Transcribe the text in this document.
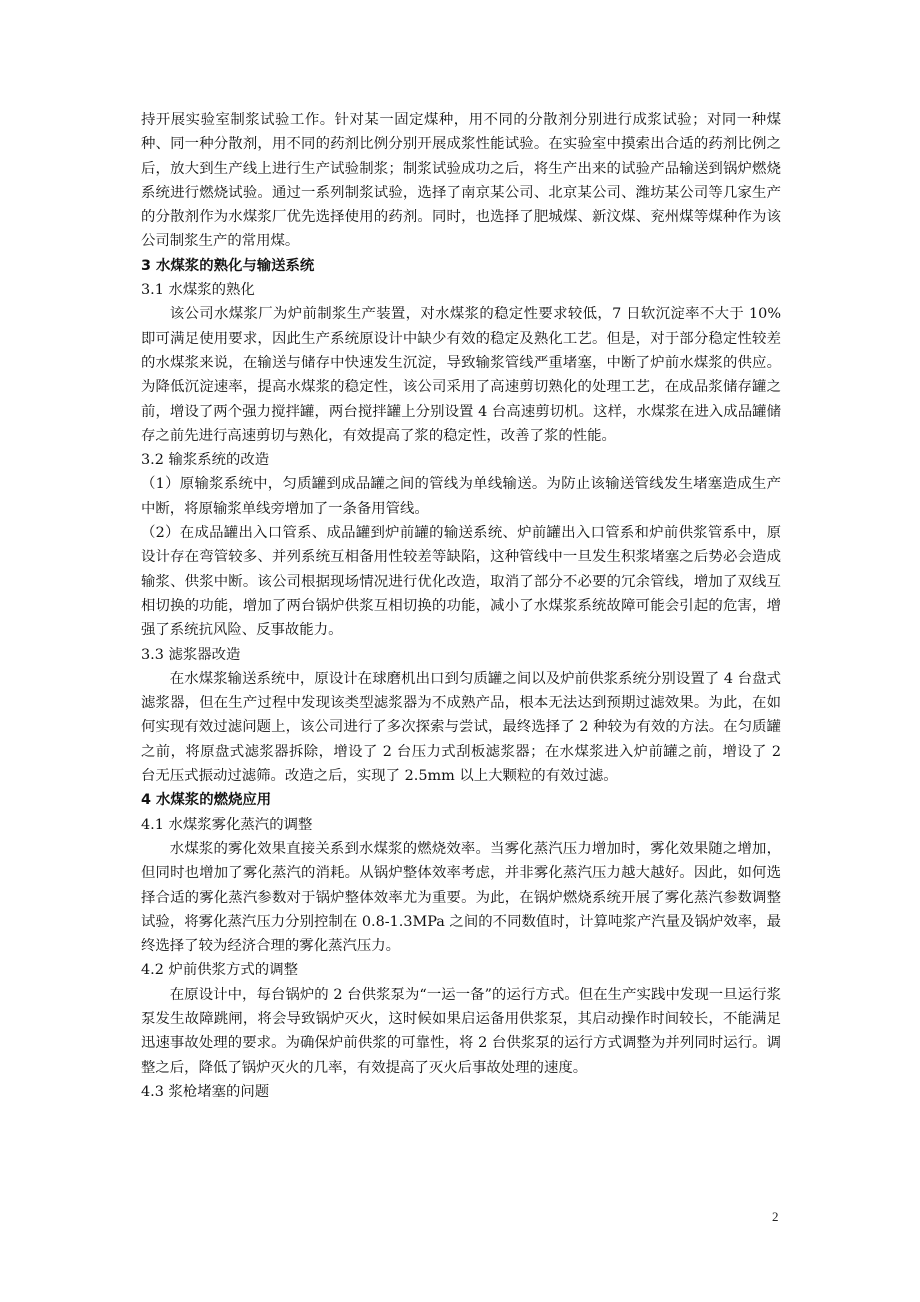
持开展实验室制浆试验工作。针对某一固定煤种，用不同的分散剂分别进行成浆试验；对同一种煤种、同一种分散剂，用不同的药剂比例分别开展成浆性能试验。在实验室中摸索出合适的药剂比例之后，放大到生产线上进行生产试验制浆；制浆试验成功之后，将生产出来的试验产品输送到锅炉燃烧系统进行燃烧试验。通过一系列制浆试验，选择了南京某公司、北京某公司、潍坊某公司等几家生产的分散剂作为水煤浆厂优先选择使用的药剂。同时，也选择了肥城煤、新汶煤、兖州煤等煤种作为该公司制浆生产的常用煤。

3 水煤浆的熟化与输送系统

3.1 水煤浆的熟化

该公司水煤浆厂为炉前制浆生产装置，对水煤浆的稳定性要求较低，7 日软沉淀率不大于 10%即可满足使用要求，因此生产系统原设计中缺少有效的稳定及熟化工艺。但是，对于部分稳定性较差的水煤浆来说，在输送与储存中快速发生沉淀，导致输浆管线严重堵塞，中断了炉前水煤浆的供应。为降低沉淀速率，提高水煤浆的稳定性，该公司采用了高速剪切熟化的处理工艺，在成品浆储存罐之前，增设了两个强力搅拌罐，两台搅拌罐上分别设置 4 台高速剪切机。这样，水煤浆在进入成品罐储存之前先进行高速剪切与熟化，有效提高了浆的稳定性，改善了浆的性能。

3.2 输浆系统的改造

（1）原输浆系统中，匀质罐到成品罐之间的管线为单线输送。为防止该输送管线发生堵塞造成生产中断，将原输浆单线旁增加了一条备用管线。

（2）在成品罐出入口管系、成品罐到炉前罐的输送系统、炉前罐出入口管系和炉前供浆管系中，原设计存在弯管较多、并列系统互相备用性较差等缺陷，这种管线中一旦发生积浆堵塞之后势必会造成输浆、供浆中断。该公司根据现场情况进行优化改造，取消了部分不必要的冗余管线，增加了双线互相切换的功能，增加了两台锅炉供浆互相切换的功能，减小了水煤浆系统故障可能会引起的危害，增强了系统抗风险、反事故能力。

3.3 滤浆器改造

在水煤浆输送系统中，原设计在球磨机出口到匀质罐之间以及炉前供浆系统分别设置了 4 台盘式滤浆器，但在生产过程中发现该类型滤浆器为不成熟产品，根本无法达到预期过滤效果。为此，在如何实现有效过滤问题上，该公司进行了多次探索与尝试，最终选择了 2 种较为有效的方法。在匀质罐之前，将原盘式滤浆器拆除，增设了 2 台压力式刮板滤浆器；在水煤浆进入炉前罐之前，增设了 2 台无压式振动过滤筛。改造之后，实现了 2.5mm 以上大颗粒的有效过滤。

4 水煤浆的燃烧应用

4.1 水煤浆雾化蒸汽的调整

水煤浆的雾化效果直接关系到水煤浆的燃烧效率。当雾化蒸汽压力增加时，雾化效果随之增加，但同时也增加了雾化蒸汽的消耗。从锅炉整体效率考虑，并非雾化蒸汽压力越大越好。因此，如何选择合适的雾化蒸汽参数对于锅炉整体效率尤为重要。为此，在锅炉燃烧系统开展了雾化蒸汽参数调整试验，将雾化蒸汽压力分别控制在 0.8-1.3MPa 之间的不同数值时，计算吨浆产汽量及锅炉效率，最终选择了较为经济合理的雾化蒸汽压力。

4.2 炉前供浆方式的调整

在原设计中，每台锅炉的 2 台供浆泵为“一运一备”的运行方式。但在生产实践中发现一旦运行浆泵发生故障跳闸，将会导致锅炉灭火，这时候如果启运备用供浆泵，其启动操作时间较长，不能满足迅速事故处理的要求。为确保炉前供浆的可靠性，将 2 台供浆泵的运行方式调整为并列同时运行。调整之后，降低了锅炉灭火的几率，有效提高了灭火后事故处理的速度。

4.3 浆枪堵塞的问题

2
